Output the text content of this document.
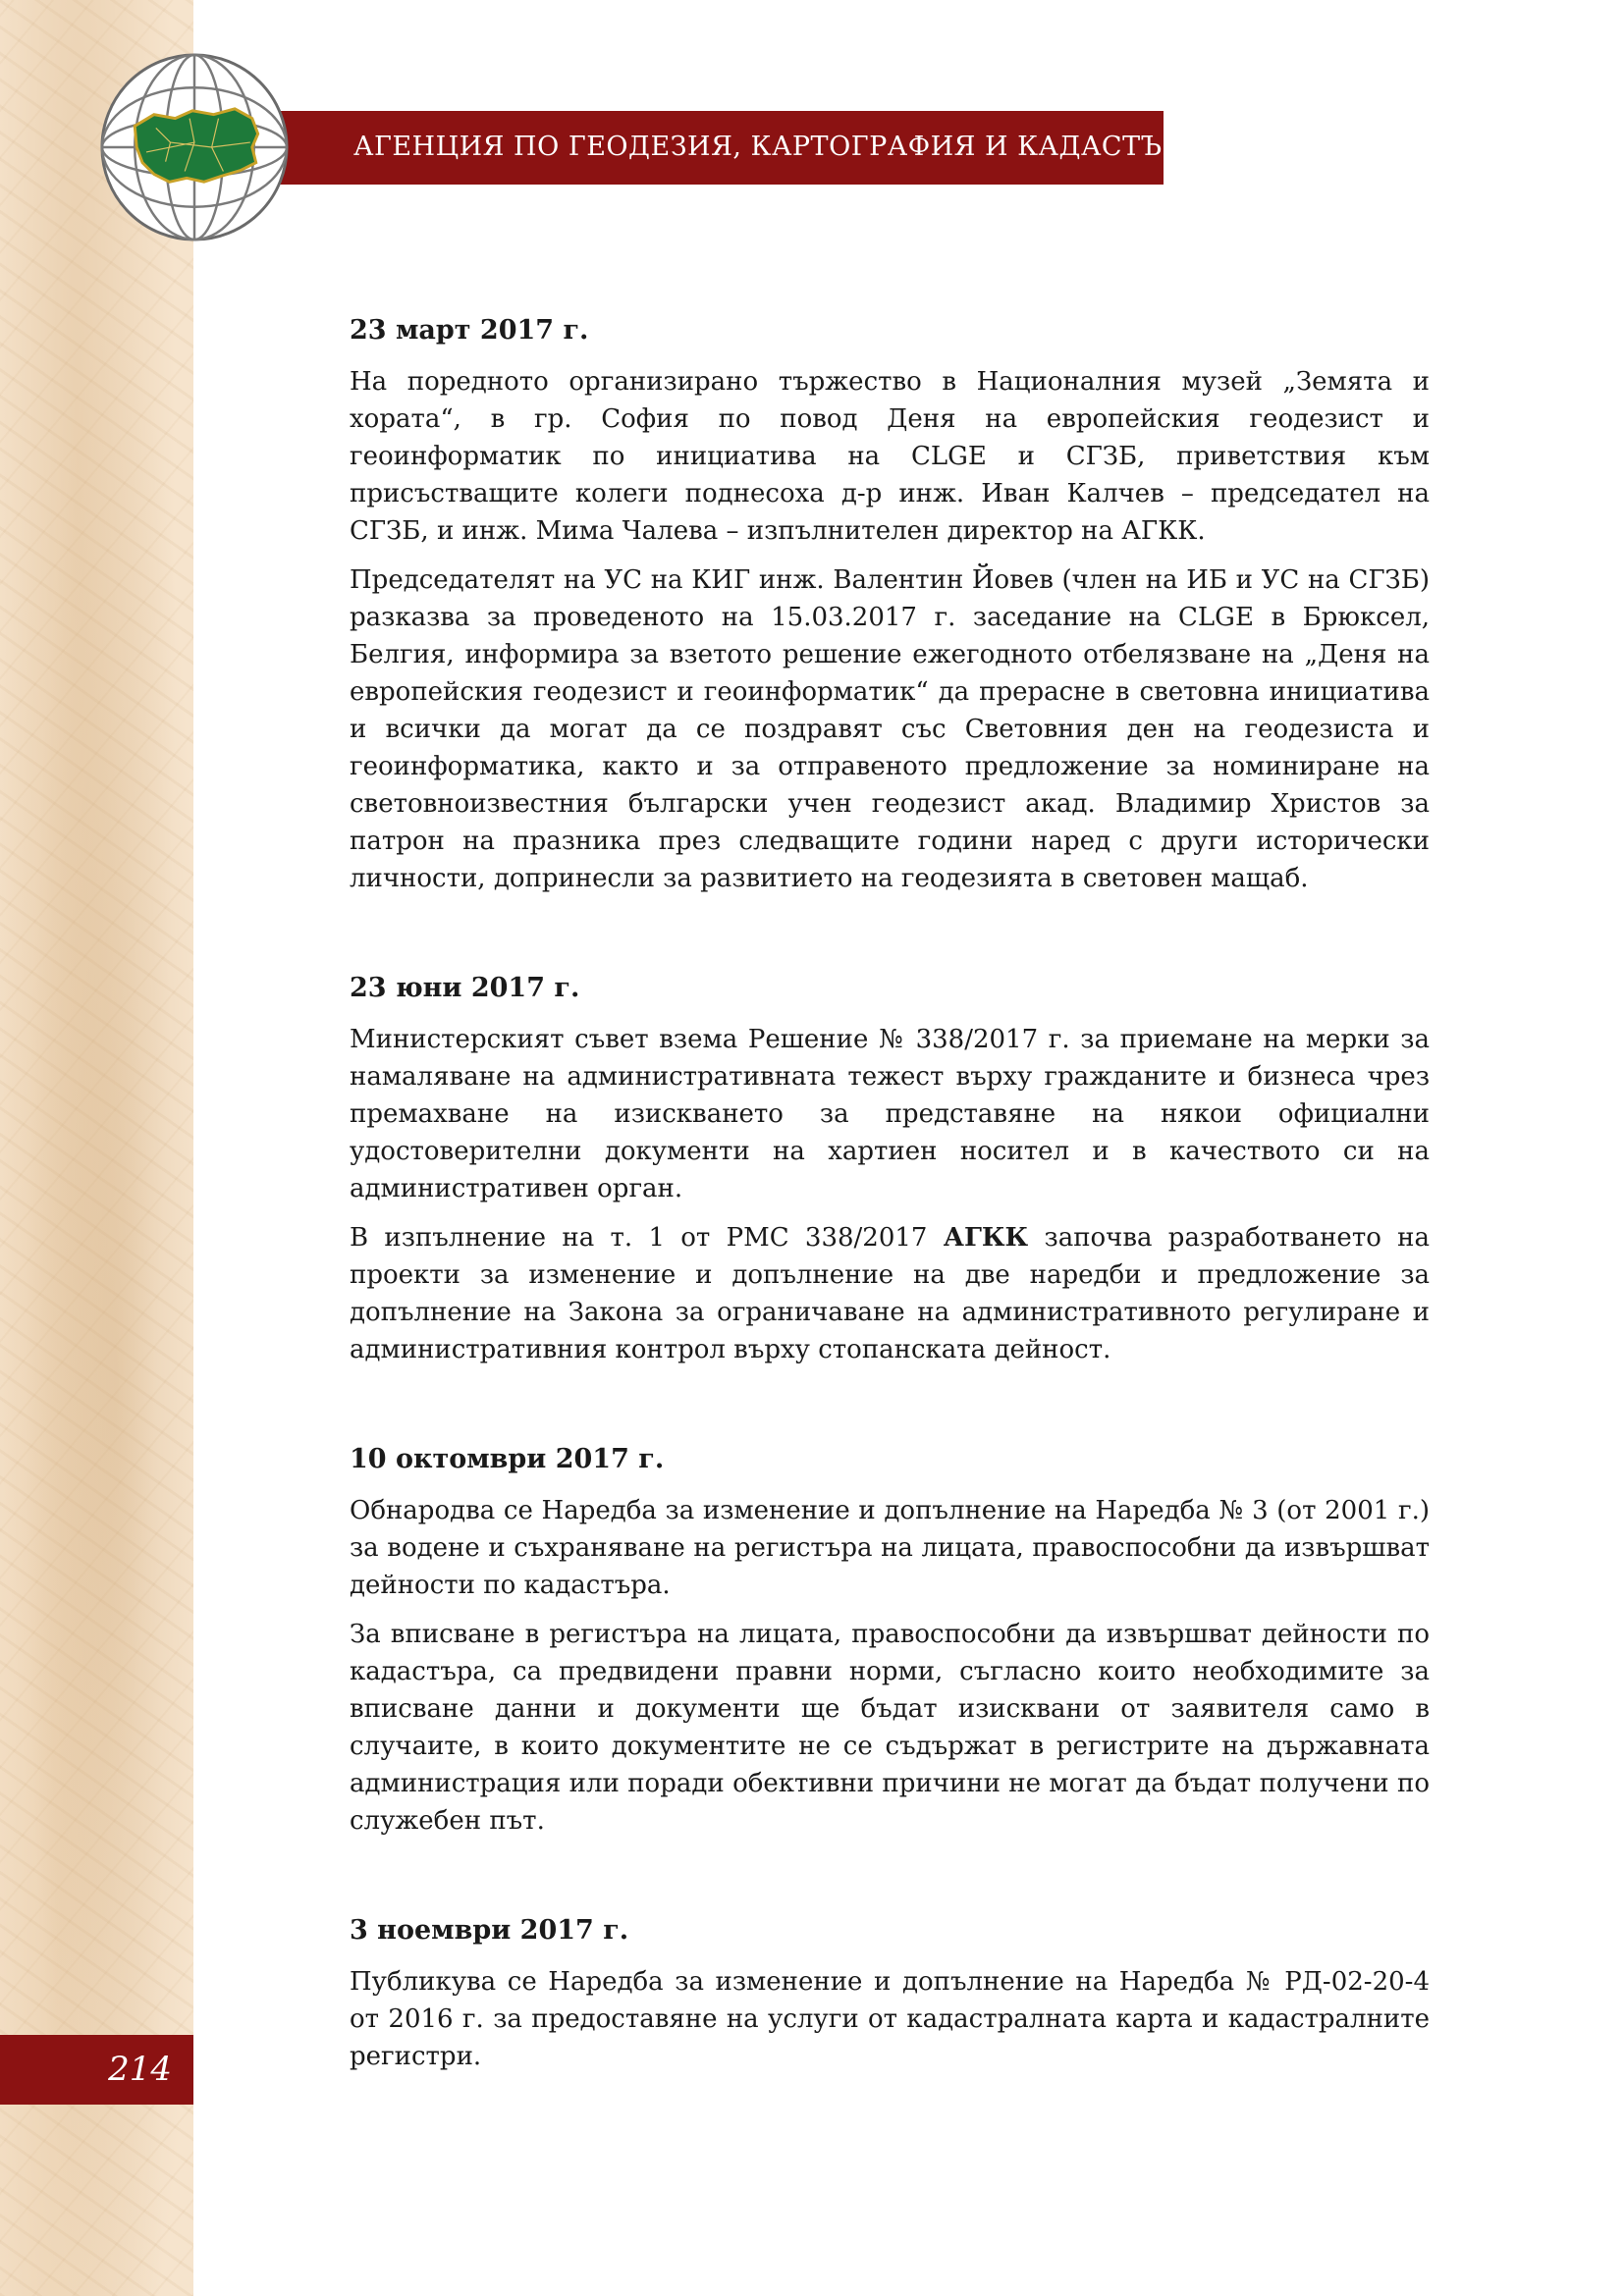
АГЕНЦИЯ ПО ГЕОДЕЗИЯ, КАРТОГРАФИЯ И КАДАСТЪР
214

23 март 2017 г.

На поредното организирано тържество в Националния музей „Земята и хората“, в гр. София по повод Деня на европейския геодезист и геоинформатик по инициатива на CLGE и СГЗБ, приветствия към присъстващите колеги поднесоха д-р инж. Иван Калчев – председател на СГЗБ, и инж. Мима Чалева – изпълнителен директор на АГКК.

Председателят на УС на КИГ инж. Валентин Йовев (член на ИБ и УС на СГЗБ) разказва за проведеното на 15.03.2017 г. заседание на CLGE в Брюксел, Белгия, информира за взетото решение ежегодното отбелязване на „Деня на европейския геодезист и геоинформатик“ да прерасне в световна инициатива и всички да могат да се поздравят със Световния ден на геодезиста и геоинформатика, както и за отправеното предложение за номиниране на световноизвестния български учен геодезист акад. Владимир Христов за патрон на празника през следващите години наред с други исторически личности, допринесли за развитието на геодезията в световен мащаб.

23 юни 2017 г.

Министерският съвет взема Решение № 338/2017 г. за приемане на мерки за намаляване на административната тежест върху гражданите и бизнеса чрез премахване на изискването за представяне на някои официални удостоверителни документи на хартиен носител и в качеството си на административен орган.

В изпълнение на т. 1 от РМС 338/2017 АГКК започва разработването на проекти за изменение и допълнение на две наредби и предложение за допълнение на Закона за ограничаване на административното регулиране и административния контрол върху стопанската дейност.

10 октомври 2017 г.

Обнародва се Наредба за изменение и допълнение на Наредба № 3 (от 2001 г.) за водене и съхраняване на регистъра на лицата, правоспособни да извършват дейности по кадастъра.

За вписване в регистъра на лицата, правоспособни да извършват дейности по кадастъра, са предвидени правни норми, съгласно които необходимите за вписване данни и документи ще бъдат изисквани от заявителя само в случаите, в които документите не се съдържат в регистрите на държавната администрация или поради обективни причини не могат да бъдат получени по служебен път.

3 ноември 2017 г.

Публикува се Наредба за изменение и допълнение на Наредба № РД-02-20-4 от 2016 г. за предоставяне на услуги от кадастралната карта и кадастралните регистри.
